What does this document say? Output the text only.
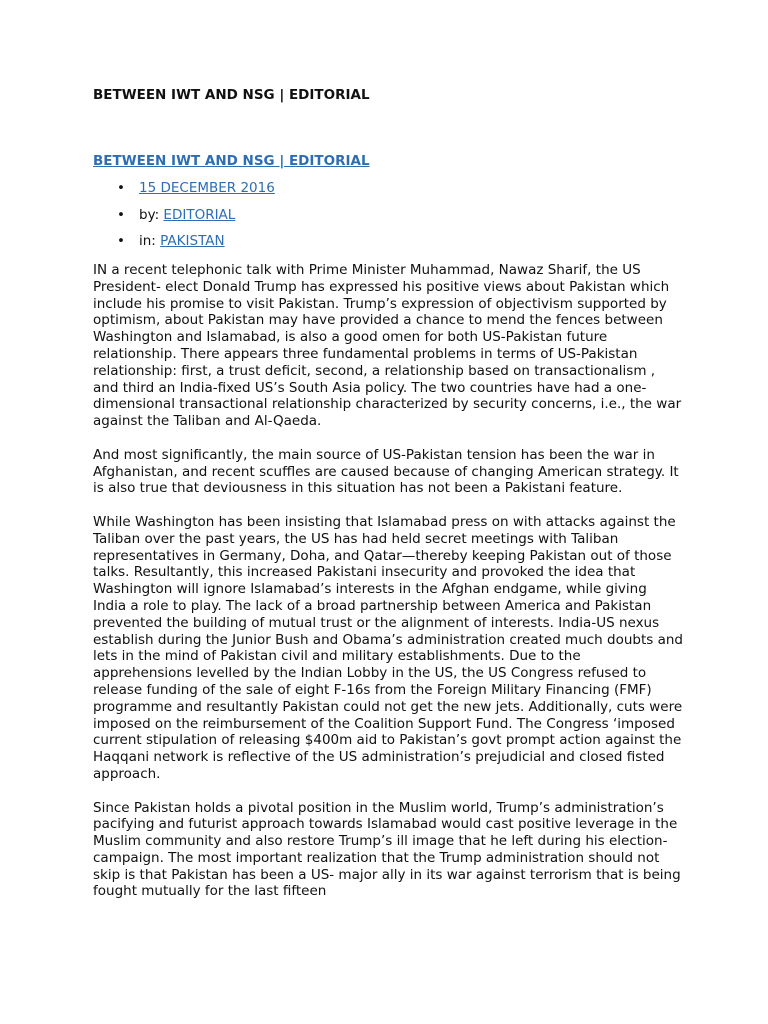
BETWEEN IWT AND NSG | EDITORIAL
BETWEEN IWT AND NSG | EDITORIAL
• 15 DECEMBER 2016
• by: EDITORIAL
• in: PAKISTAN

IN a recent telephonic talk with Prime Minister Muhammad, Nawaz Sharif, the US President- elect Donald Trump has expressed his positive views about Pakistan which include his promise to visit Pakistan. Trump’s expression of objectivism supported by optimism, about Pakistan may have provided a chance to mend the fences between Washington and Islamabad, is also a good omen for both US-Pakistan future relationship. There appears three fundamental problems in terms of US-Pakistan relationship: first, a trust deficit, second, a relationship based on transactionalism , and third an India-fixed US’s South Asia policy. The two countries have had a one-dimensional transactional relationship characterized by security concerns, i.e., the war against the Taliban and Al-Qaeda.

And most significantly, the main source of US-Pakistan tension has been the war in Afghanistan, and recent scuffles are caused because of changing American strategy. It is also true that deviousness in this situation has not been a Pakistani feature.

While Washington has been insisting that Islamabad press on with attacks against the Taliban over the past years, the US has had held secret meetings with Taliban representatives in Germany, Doha, and Qatar—thereby keeping Pakistan out of those talks. Resultantly, this increased Pakistani insecurity and provoked the idea that Washington will ignore Islamabad’s interests in the Afghan endgame, while giving India a role to play. The lack of a broad partnership between America and Pakistan prevented the building of mutual trust or the alignment of interests. India-US nexus establish during the Junior Bush and Obama’s administration created much doubts and lets in the mind of Pakistan civil and military establishments. Due to the apprehensions levelled by the Indian Lobby in the US, the US Congress refused to release funding of the sale of eight F-16s from the Foreign Military Financing (FMF) programme and resultantly Pakistan could not get the new jets. Additionally, cuts were imposed on the reimbursement of the Coalition Support Fund. The Congress ‘imposed current stipulation of releasing $400m aid to Pakistan’s govt prompt action against the Haqqani network is reflective of the US administration’s prejudicial and closed fisted approach.

Since Pakistan holds a pivotal position in the Muslim world, Trump’s administration’s pacifying and futurist approach towards Islamabad would cast positive leverage in the Muslim community and also restore Trump’s ill image that he left during his election- campaign. The most important realization that the Trump administration should not skip is that Pakistan has been a US- major ally in its war against terrorism that is being fought mutually for the last fifteen
